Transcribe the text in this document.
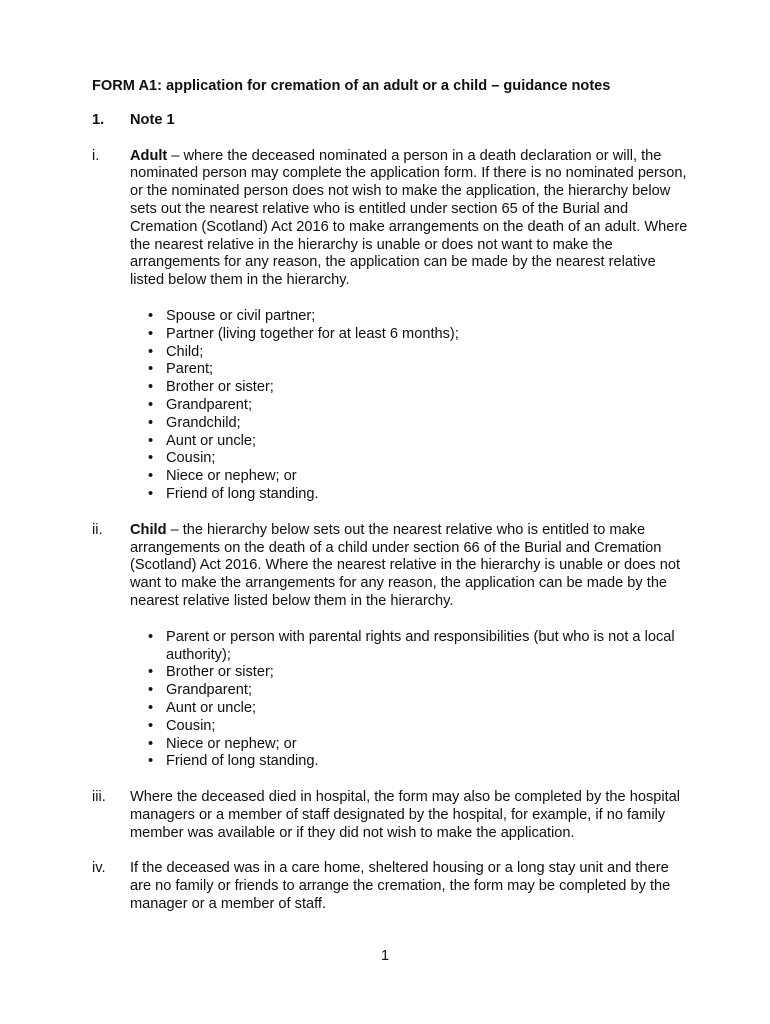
FORM A1: application for cremation of an adult or a child – guidance notes

1.	Note 1
i.	Adult – where the deceased nominated a person in a death declaration or will, the nominated person may complete the application form. If there is no nominated person, or the nominated person does not wish to make the application, the hierarchy below sets out the nearest relative who is entitled under section 65 of the Burial and Cremation (Scotland) Act 2016 to make arrangements on the death of an adult. Where the nearest relative in the hierarchy is unable or does not want to make the arrangements for any reason, the application can be made by the nearest relative listed below them in the hierarchy.

• Spouse or civil partner;
• Partner (living together for at least 6 months);
• Child;
• Parent;
• Brother or sister;
• Grandparent;
• Grandchild;
• Aunt or uncle;
• Cousin;
• Niece or nephew; or
• Friend of long standing.
ii.	Child – the hierarchy below sets out the nearest relative who is entitled to make arrangements on the death of a child under section 66 of the Burial and Cremation (Scotland) Act 2016. Where the nearest relative in the hierarchy is unable or does not want to make the arrangements for any reason, the application can be made by the nearest relative listed below them in the hierarchy.

• Parent or person with parental rights and responsibilities (but who is not a local authority);
• Brother or sister;
• Grandparent;
• Aunt or uncle;
• Cousin;
• Niece or nephew; or
• Friend of long standing.
iii.	Where the deceased died in hospital, the form may also be completed by the hospital managers or a member of staff designated by the hospital, for example, if no family member was available or if they did not wish to make the application.

iv.	If the deceased was in a care home, sheltered housing or a long stay unit and there are no family or friends to arrange the cremation, the form may be completed by the manager or a member of staff.

1
